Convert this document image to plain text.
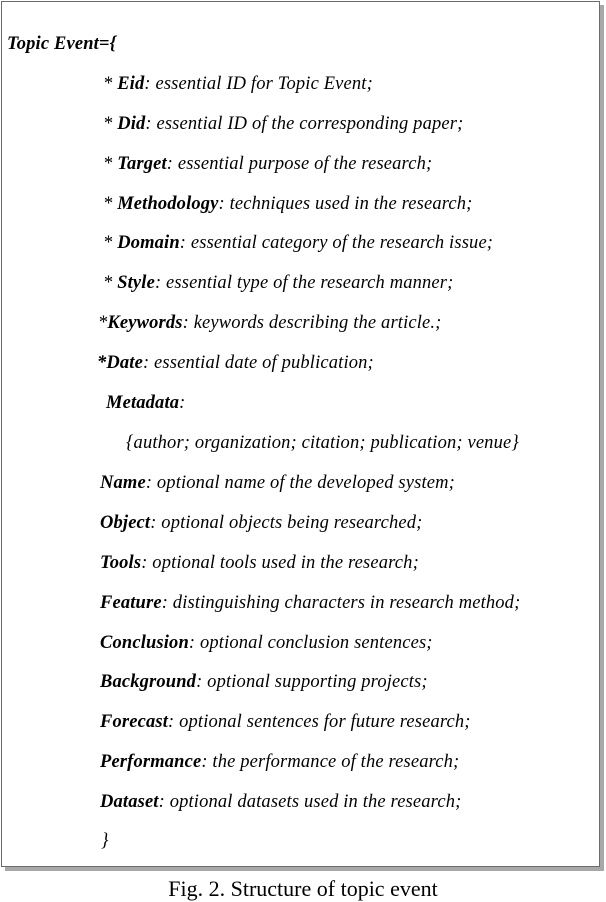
Topic Event={
* Eid: essential ID for Topic Event;
* Did: essential ID of the corresponding paper;
* Target: essential purpose of the research;
* Methodology: techniques used in the research;
* Domain: essential category of the research issue;
* Style: essential type of the research manner;
*Keywords: keywords describing the article.;
*Date: essential date of publication;
Metadata:
{author; organization; citation; publication; venue}
Name: optional name of the developed system;
Object: optional objects being researched;
Tools: optional tools used in the research;
Feature: distinguishing characters in research method;
Conclusion: optional conclusion sentences;
Background: optional supporting projects;
Forecast: optional sentences for future research;
Performance: the performance of the research;
Dataset: optional datasets used in the research;
}
Fig. 2. Structure of topic event
